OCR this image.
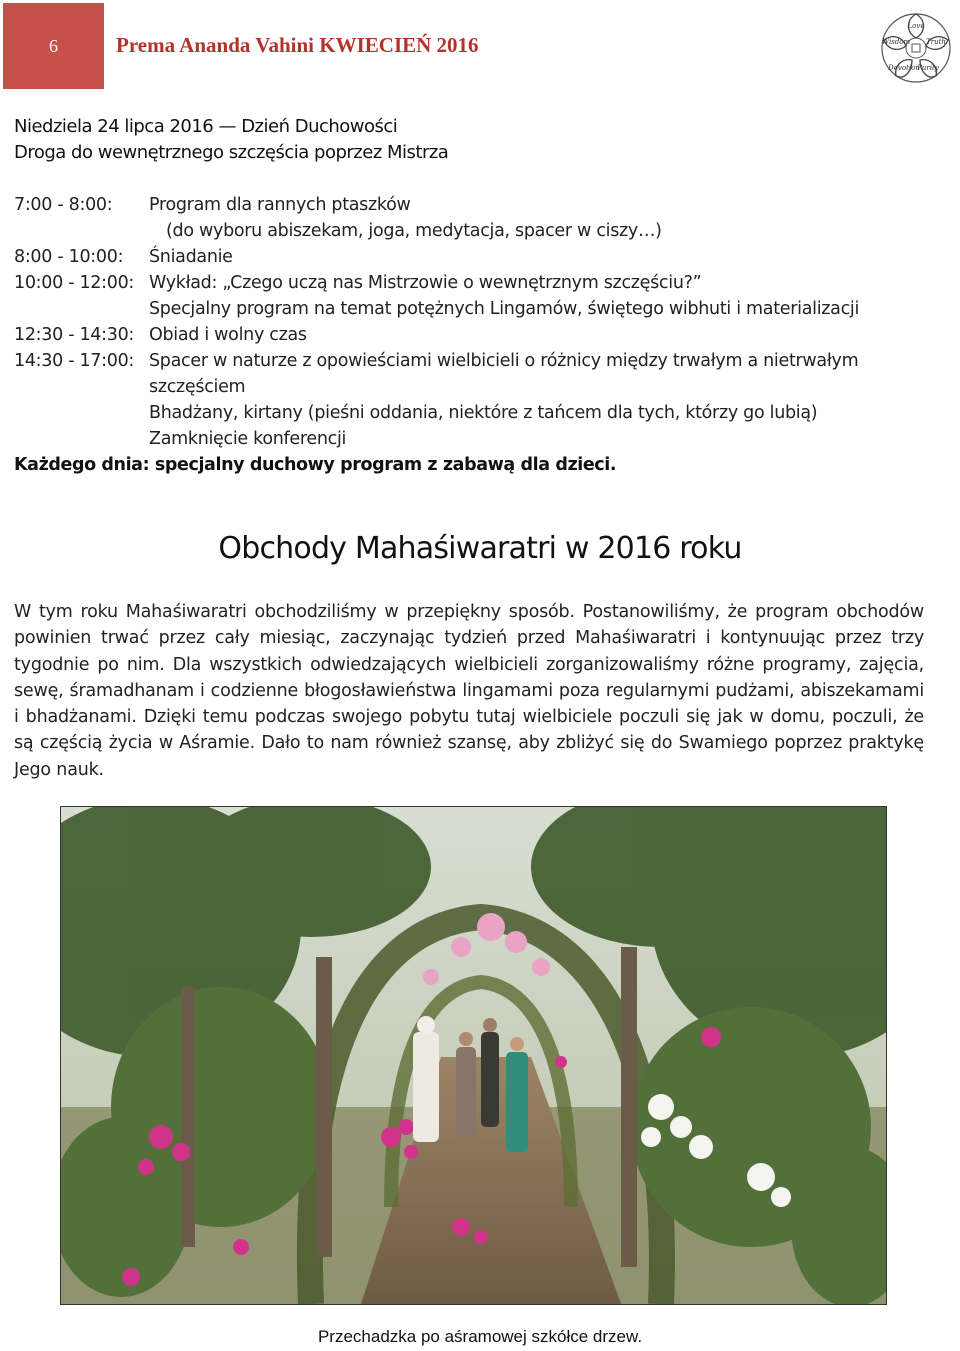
6	Prema Ananda Vahini KWIECIEŃ 2016
Love
Truth
Purity
Devotion
Wisdom
Niedziela 24 lipca 2016 — Dzień Duchowości
Droga do wewnętrznego szczęścia poprzez Mistrza
7:00 - 8:00:	Program dla rannych ptaszków
(do wyboru abiszekam, joga, medytacja, spacer w ciszy…)
8:00 - 10:00:	Śniadanie
10:00 - 12:00: Wykład: „Czego uczą nas Mistrzowie o wewnętrznym szczęściu?”
Specjalny program na temat potężnych Lingamów, świętego wibhuti i materializacji
12:30 - 14:30: Obiad i wolny czas
14:30 - 17:00: Spacer w naturze z opowieściami wielbicieli o różnicy między trwałym a nietrwałym szczęściem
Bhadżany, kirtany (pieśni oddania, niektóre z tańcem dla tych, którzy go lubią)
Zamknięcie konferencji
Każdego dnia: specjalny duchowy program z zabawą dla dzieci.
Obchody Mahaśiwaratri w 2016 roku
W tym roku Mahaśiwaratri obchodziliśmy w przepiękny sposób. Postanowiliśmy, że program obchodów powinien trwać przez cały miesiąc, zaczynając tydzień przed Mahaśiwaratri i kontynuując przez trzy tygodnie po nim. Dla wszystkich odwiedzających wielbicieli zorganizowaliśmy różne programy, zajęcia, sewę, śramadhanam i codzienne błogosławieństwa lingamami poza regularnymi pudżami, abiszekamami i bhadżanami. Dzięki temu podczas swojego pobytu tutaj wielbiciele poczuli się jak w domu, poczuli, że są częścią życia w Aśramie. Dało to nam również szansę, aby zbliżyć się do Swamiego poprzez praktykę Jego nauk.
Przechadzka po aśramowej szkółce drzew.
